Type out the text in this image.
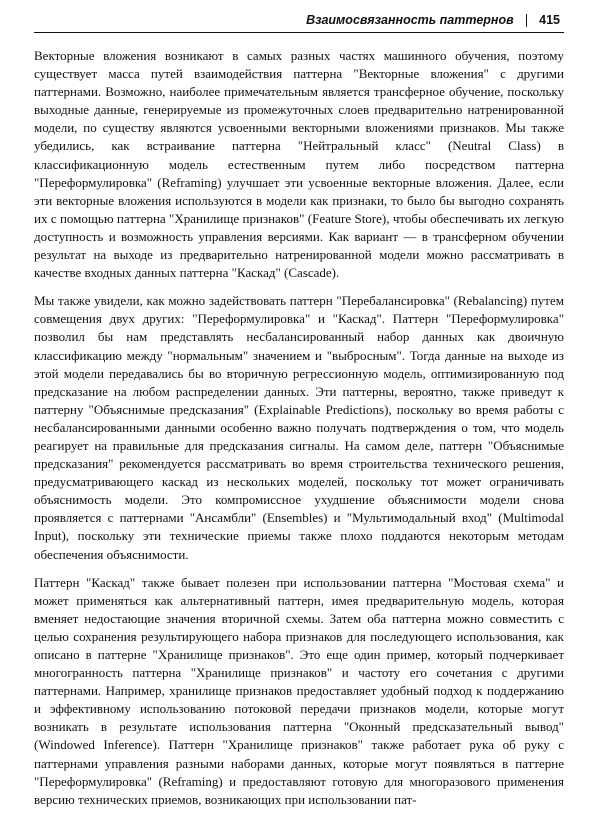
Взаимосвязанность паттернов 415

Векторные вложения возникают в самых разных частях машинного обучения, поэтому существует масса путей взаимодействия паттерна "Векторные вложения" с другими паттернами. Возможно, наиболее примечательным является трансферное обучение, поскольку выходные данные, генерируемые из промежуточных слоев предварительно натренированной модели, по существу являются усвоенными векторными вложениями признаков. Мы также убедились, как встраивание паттерна "Нейтральный класс" (Neutral Class) в классификационную модель естественным путем либо посредством паттерна "Переформулировка" (Reframing) улучшает эти усвоенные векторные вложения. Далее, если эти векторные вложения используются в модели как признаки, то было бы выгодно сохранять их с помощью паттерна "Хранилище признаков" (Feature Store), чтобы обеспечивать их легкую доступность и возможность управления версиями. Как вариант — в трансферном обучении результат на выходе из предварительно натренированной модели можно рассматривать в качестве входных данных паттерна "Каскад" (Cascade).

Мы также увидели, как можно задействовать паттерн "Перебалансировка" (Rebalancing) путем совмещения двух других: "Переформулировка" и "Каскад". Паттерн "Переформулировка" позволил бы нам представлять несбалансированный набор данных как двоичную классификацию между "нормальным" значением и "выбросным". Тогда данные на выходе из этой модели передавались бы во вторичную регрессионную модель, оптимизированную под предсказание на любом распределении данных. Эти паттерны, вероятно, также приведут к паттерну "Объяснимые предсказания" (Explainable Predictions), поскольку во время работы с несбалансированными данными особенно важно получать подтверждения о том, что модель реагирует на правильные для предсказания сигналы. На самом деле, паттерн "Объяснимые предсказания" рекомендуется рассматривать во время строительства технического решения, предусматривающего каскад из нескольких моделей, поскольку тот может ограничивать объяснимость модели. Это компромиссное ухудшение объяснимости модели снова проявляется с паттернами "Ансамбли" (Ensembles) и "Мультимодальный вход" (Multimodal Input), поскольку эти технические приемы также плохо поддаются некоторым методам обеспечения объяснимости.

Паттерн "Каскад" также бывает полезен при использовании паттерна "Мостовая схема" и может применяться как альтернативный паттерн, имея предварительную модель, которая вменяет недостающие значения вторичной схемы. Затем оба паттерна можно совместить с целью сохранения результирующего набора признаков для последующего использования, как описано в паттерне "Хранилище признаков". Это еще один пример, который подчеркивает многогранность паттерна "Хранилище признаков" и частоту его сочетания с другими паттернами. Например, хранилище признаков предоставляет удобный подход к поддержанию и эффективному использованию потоковой передачи признаков модели, которые могут возникать в результате использования паттерна "Оконный предсказательный вывод" (Windowed Inference). Паттерн "Хранилище признаков" также работает рука об руку с паттернами управления разными наборами данных, которые могут появляться в паттерне "Переформулировка" (Reframing) и предоставляют готовую для многоразового применения версию технических приемов, возникающих при использовании пат-
